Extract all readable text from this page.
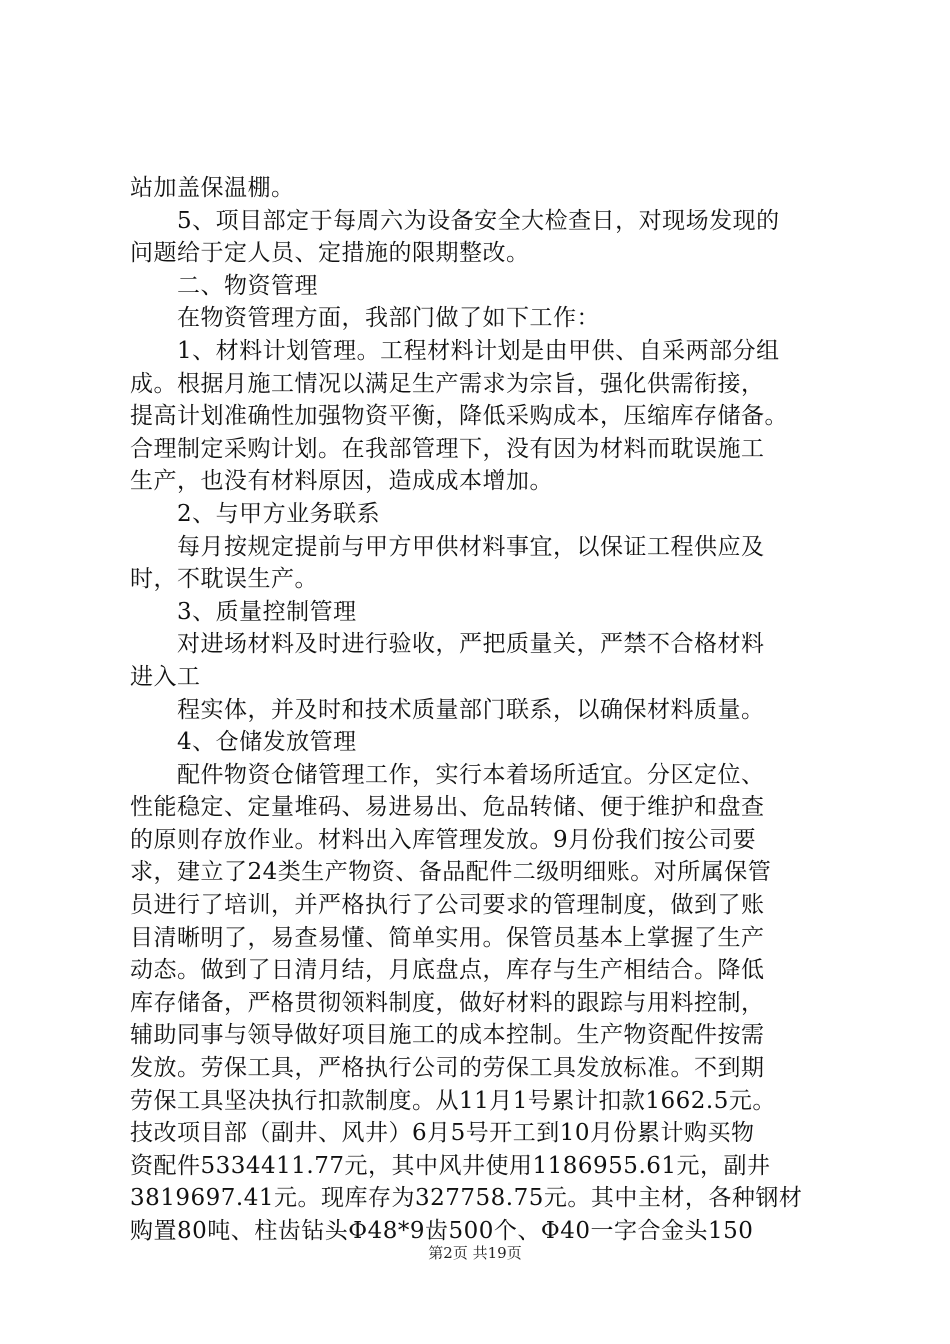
站加盖保温棚。
5、项目部定于每周六为设备安全大检查日，对现场发现的
问题给于定人员、定措施的限期整改。
二、物资管理
在物资管理方面，我部门做了如下工作：
1、材料计划管理。工程材料计划是由甲供、自采两部分组
成。根据月施工情况以满足生产需求为宗旨，强化供需衔接，
提高计划准确性加强物资平衡，降低采购成本，压缩库存储备。
合理制定采购计划。在我部管理下，没有因为材料而耽误施工
生产，也没有材料原因，造成成本增加。
2、与甲方业务联系
每月按规定提前与甲方甲供材料事宜，以保证工程供应及
时，不耽误生产。
3、质量控制管理
对进场材料及时进行验收，严把质量关，严禁不合格材料
进入工
程实体，并及时和技术质量部门联系，以确保材料质量。
4、仓储发放管理
配件物资仓储管理工作，实行本着场所适宜。分区定位、
性能稳定、定量堆码、易进易出、危品转储、便于维护和盘查
的原则存放作业。材料出入库管理发放。9月份我们按公司要
求，建立了24类生产物资、备品配件二级明细账。对所属保管
员进行了培训，并严格执行了公司要求的管理制度，做到了账
目清晰明了，易查易懂、简单实用。保管员基本上掌握了生产
动态。做到了日清月结，月底盘点，库存与生产相结合。降低
库存储备，严格贯彻领料制度，做好材料的跟踪与用料控制，
辅助同事与领导做好项目施工的成本控制。生产物资配件按需
发放。劳保工具，严格执行公司的劳保工具发放标准。不到期
劳保工具坚决执行扣款制度。从11月1号累计扣款1662.5元。
技改项目部（副井、风井）6月5号开工到10月份累计购买物
资配件5334411.77元，其中风井使用1186955.61元，副井
3819697.41元。现库存为327758.75元。其中主材，各种钢材
购置80吨、柱齿钻头Φ48*9齿500个、Φ40一字合金头150
第2页 共19页
